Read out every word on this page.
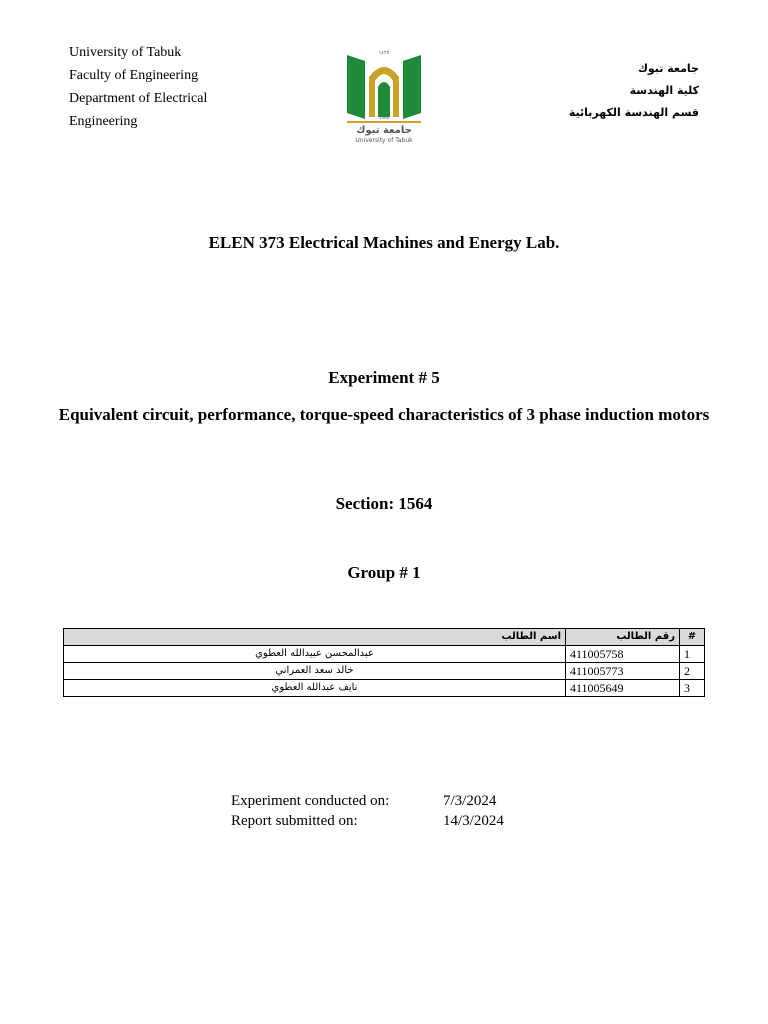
University of Tabuk
Faculty of Engineering
Department of Electrical
Engineering
١٤٢٧
2006
جامعة تبوك
University of Tabuk
جامعة تبوك
كلية الهندسة
قسم الهندسة الكهربائية
ELEN 373 Electrical Machines and Energy Lab.
Experiment # 5
Equivalent circuit, performance, torque-speed characteristics of 3 phase induction motors
Section: 1564
Group # 1
اسم الطالب	رقم الطالب	#
عبدالمحسن عبيدالله العطوي	411005758	1
خالد سعد العمراني	411005773	2
نايف عبدالله العطوي	411005649	3
Experiment conducted on:	7/3/2024
Report submitted on:	14/3/2024
